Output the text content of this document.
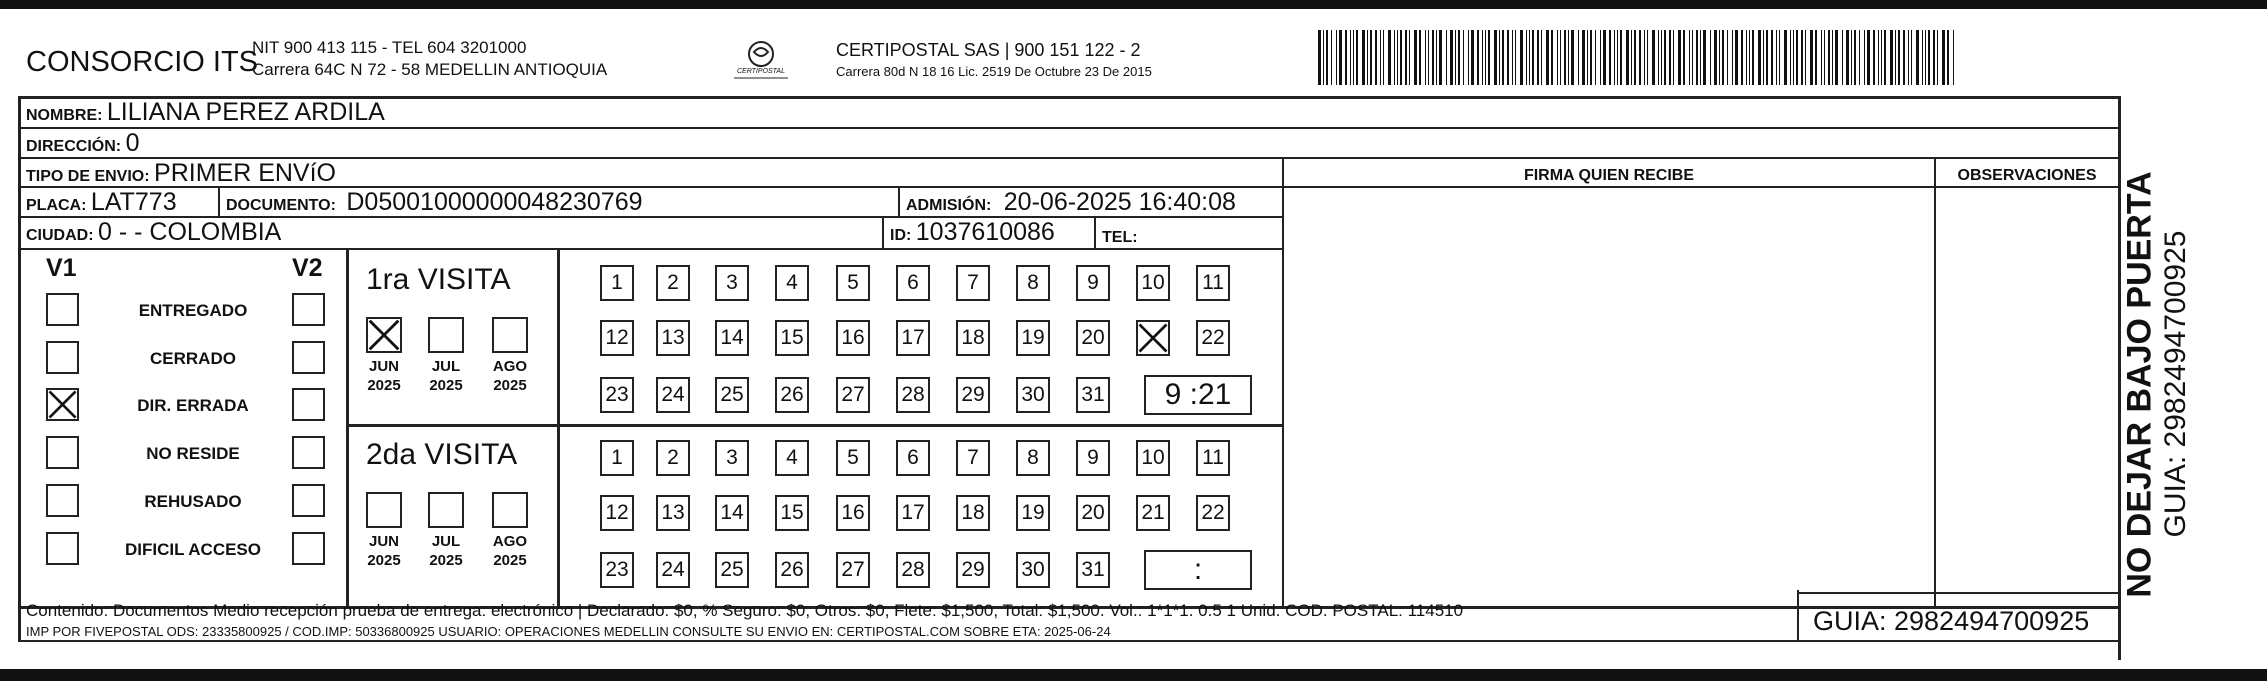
CONSORCIO ITS
NIT 900 413 115 - TEL 604 3201000
Carrera 64C N 72 - 58 MEDELLIN ANTIOQUIA	CERTIPOSTAL
CERTIPOSTAL SAS | 900 151 122 - 2
Carrera 80d N 18 16 Lic. 2519 De Octubre 23 De 2015
NOMBRE: LILIANA PEREZ ARDILA
DIRECCIÓN: 0
TIPO DE ENVIO: PRIMER ENVíO
PLACA: LAT773	DOCUMENTO: D05001000000048230769	ADMISIÓN: 20-06-2025 16:40:08
CIUDAD: 0 - - COLOMBIA	ID: 1037610086	TEL:
FIRMA QUIEN RECIBE	OBSERVACIONES
V1	V2
ENTREGADO
CERRADO
DIR. ERRADA
NO RESIDE
REHUSADO
DIFICIL ACCESO
1ra VISITA
JUN
2025
JUL
2025
AGO
2025
1	2	3	4	5	6	7	8	9	10 11
12 13 14 15 16 17 18 19 20	22
23 24 25 26 27 28 29 30 31	9 :21
2da VISITA
JUN
2025
JUL
2025
AGO
2025
1	2	3	4	5	6	7	8	9	10 11
12 13 14 15 16 17 18 19 20 21 22
23 24 25 26 27 28 29 30 31	:
Contenido: Documentos Medio recepción prueba de entrega: electrónico | Declarado: $0, % Seguro: $0, Otros: $0, Flete: $1,500, Total: $1,500. Vol.: 1*1*1. 0.5 1 Unid. COD. POSTAL: 114510
IMP POR FIVEPOSTAL ODS: 23335800925 / COD.IMP: 50336800925 USUARIO: OPERACIONES MEDELLIN CONSULTE SU ENVIO EN: CERTIPOSTAL.COM SOBRE ETA: 2025-06-24	GUIA: 2982494700925
NO DEJAR BAJO PUERTA GUIA: 2982494700925
